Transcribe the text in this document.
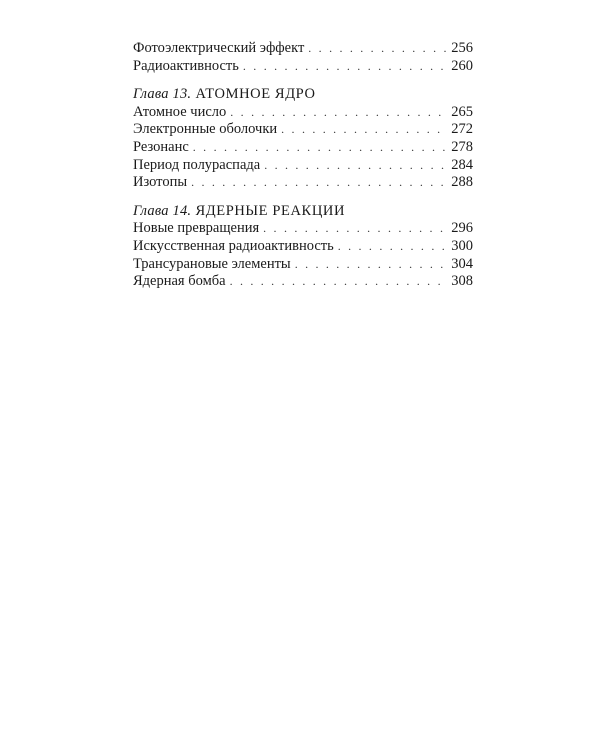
Фотоэлектрический эффект . . .	256
Радиоактивность . . .	260
Глава 13. АТОМНОЕ ЯДРО
Атомное число . . .	265
Электронные оболочки . . .	272
Резонанс . . .	278
Период полураспада . . .	284
Изотопы . . .	288
Глава 14. ЯДЕРНЫЕ РЕАКЦИИ
Новые превращения . . .	296
Искусственная радиоактивность . . .	300
Трансурановые элементы . . .	304
Ядерная бомба . . .	308
